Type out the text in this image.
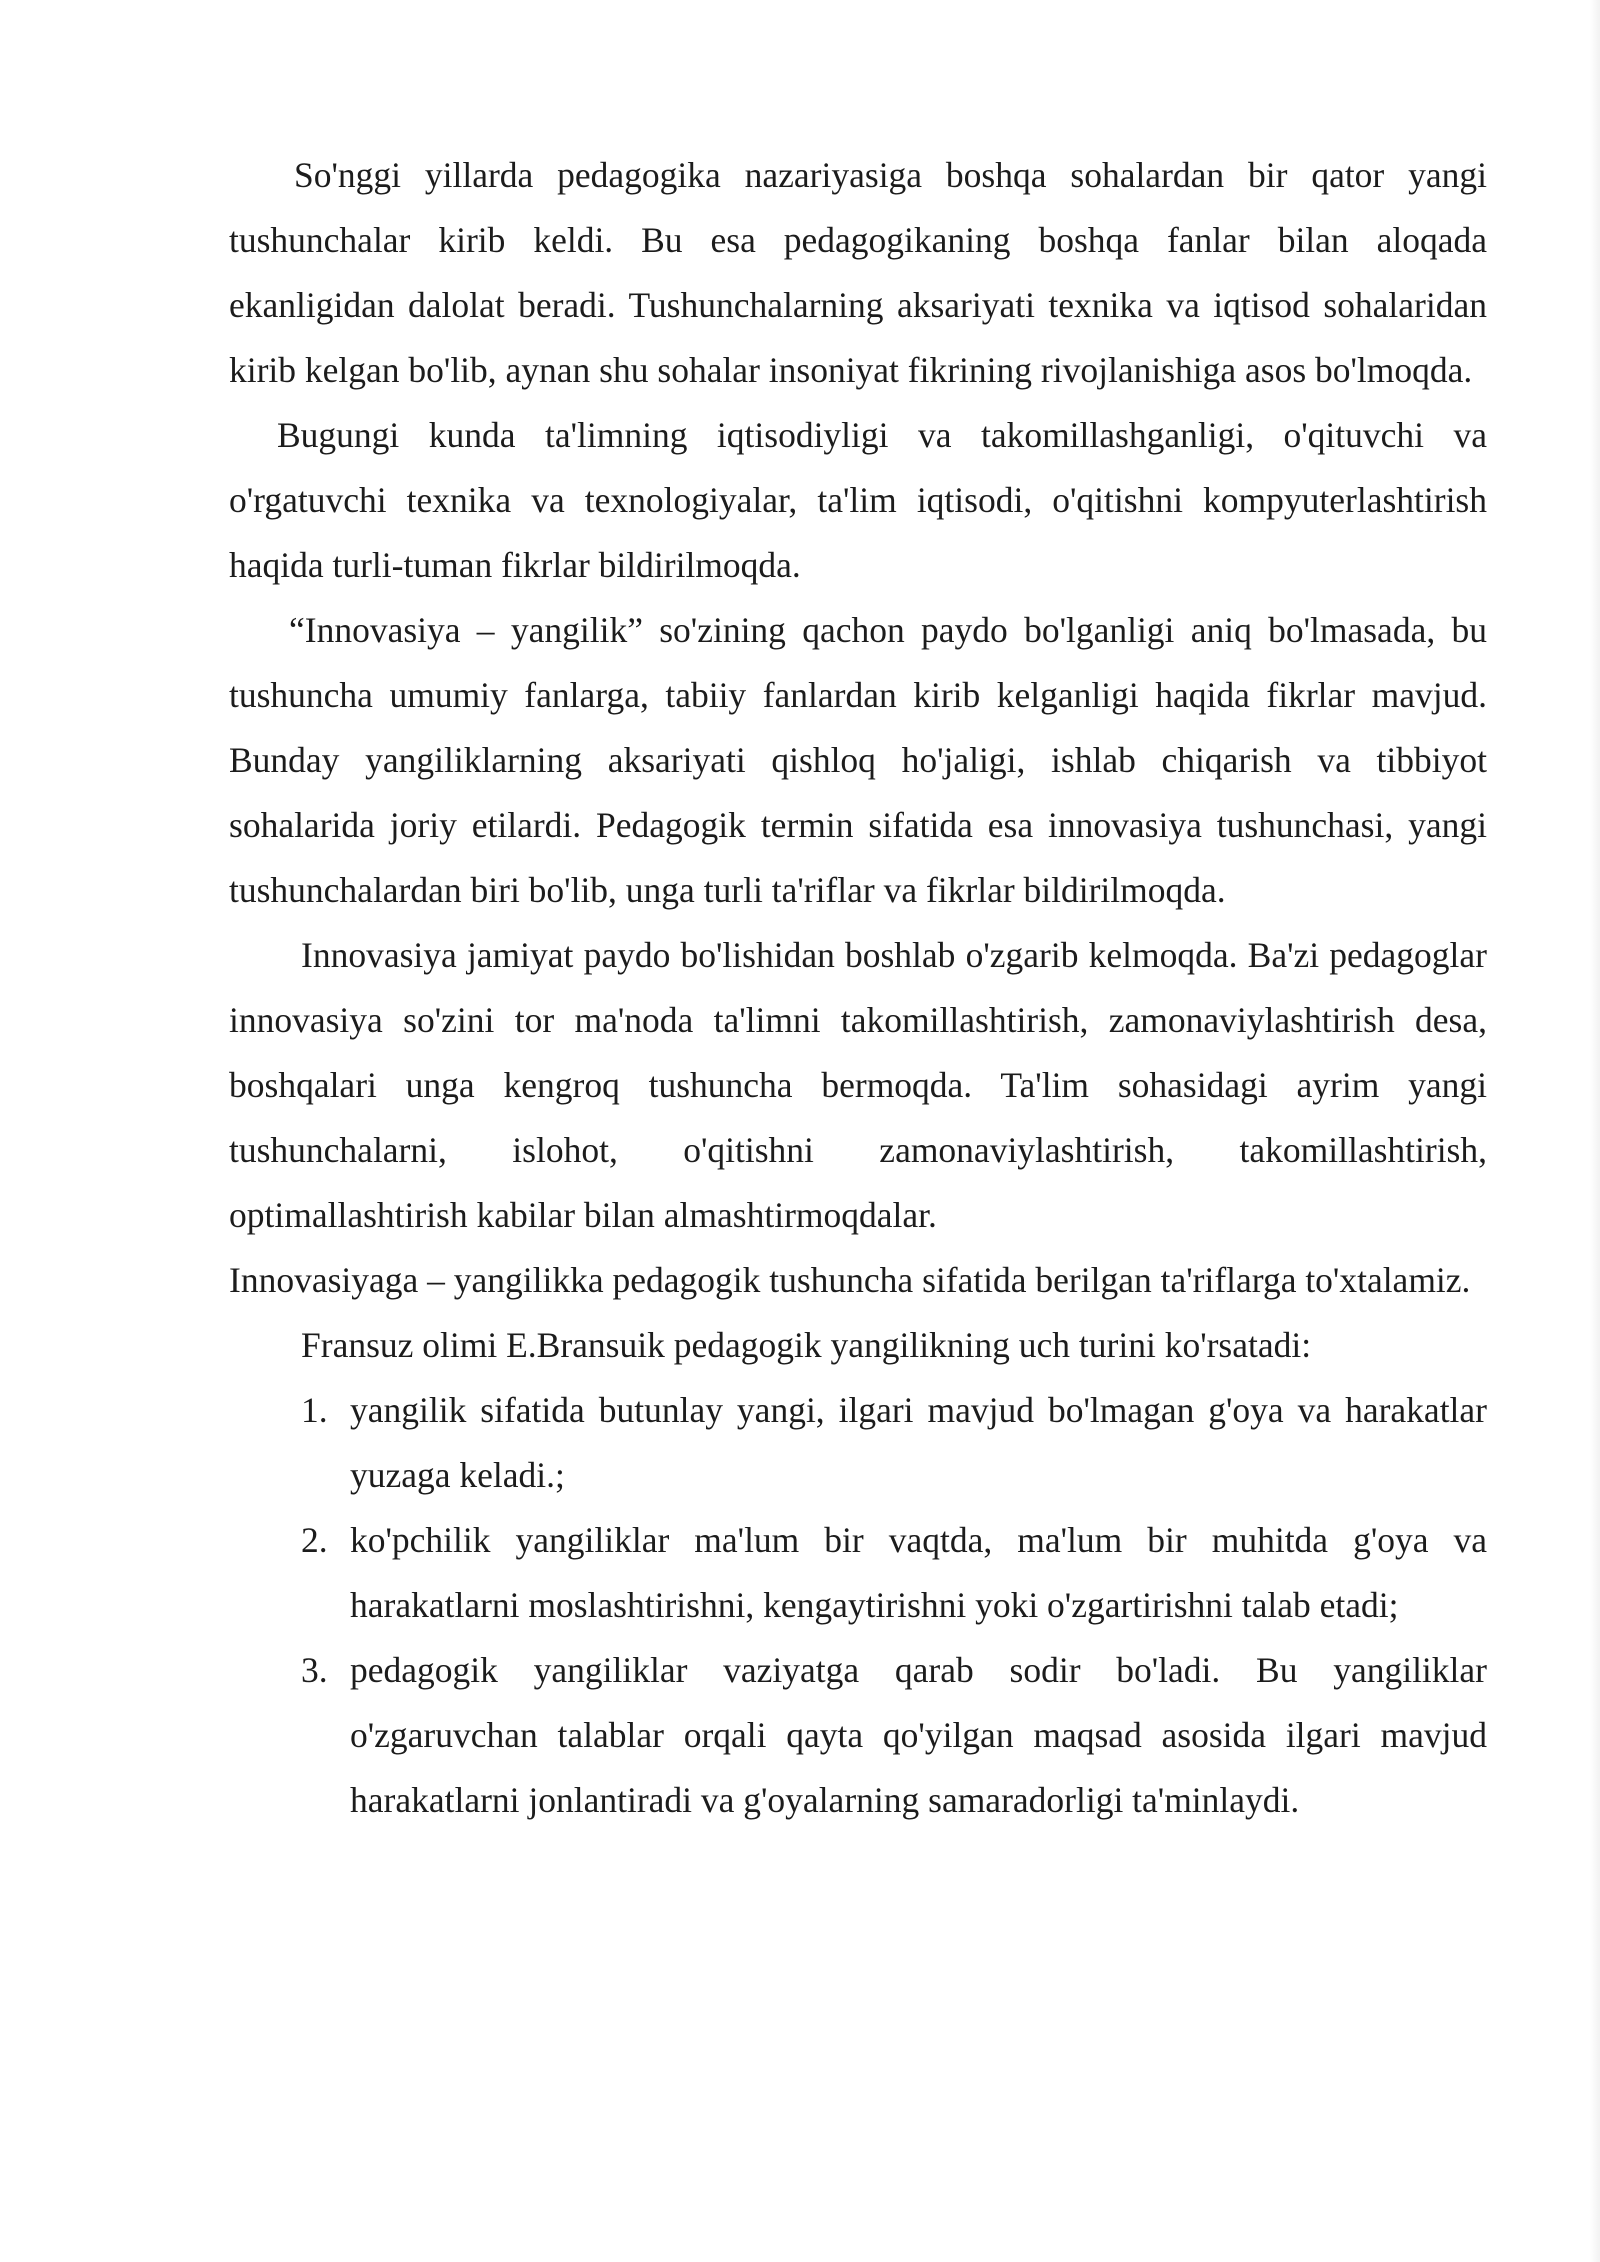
So'nggi yillarda pedagogika nazariyasiga boshqa sohalardan bir qator yangi tushunchalar kirib keldi. Bu esa pedagogikaning boshqa fanlar bilan aloqada ekanligidan dalolat beradi. Tushunchalarning aksariyati texnika va iqtisod sohalaridan kirib kelgan bo'lib, aynan shu sohalar insoniyat fikrining rivojlanishiga asos bo'lmoqda.

Bugungi kunda ta'limning iqtisodiyligi va takomillashganligi, o'qituvchi va o'rgatuvchi texnika va texnologiyalar, ta'lim iqtisodi, o'qitishni kompyuterlashtirish haqida turli-tuman fikrlar bildirilmoqda.

“Innovasiya – yangilik” so'zining qachon paydo bo'lganligi aniq bo'lmasada, bu tushuncha umumiy fanlarga, tabiiy fanlardan kirib kelganligi haqida fikrlar mavjud. Bunday yangiliklarning aksariyati qishloq ho'jaligi, ishlab chiqarish va tibbiyot sohalarida joriy etilardi. Pedagogik termin sifatida esa innovasiya tushunchasi, yangi tushunchalardan biri bo'lib, unga turli ta'riflar va fikrlar bildirilmoqda.

Innovasiya jamiyat paydo bo'lishidan boshlab o'zgarib kelmoqda. Ba'zi pedagoglar innovasiya so'zini tor ma'noda ta'limni takomillashtirish, zamonaviylashtirish desa, boshqalari unga kengroq tushuncha bermoqda. Ta'lim sohasidagi ayrim yangi tushunchalarni, islohot, o'qitishni zamonaviylashtirish, takomillashtirish, optimallashtirish kabilar bilan almashtirmoqdalar.

Innovasiyaga – yangilikka pedagogik tushuncha sifatida berilgan ta'riflarga to'xtalamiz.

Fransuz olimi E.Bransuik pedagogik yangilikning uch turini ko'rsatadi:

1. yangilik sifatida butunlay yangi, ilgari mavjud bo'lmagan g'oya va harakatlar yuzaga keladi.;
2. ko'pchilik yangiliklar ma'lum bir vaqtda, ma'lum bir muhitda g'oya va harakatlarni moslashtirishni, kengaytirishni yoki o'zgartirishni talab etadi;
3. pedagogik yangiliklar vaziyatga qarab sodir bo'ladi. Bu yangiliklar o'zgaruvchan talablar orqali qayta qo'yilgan maqsad asosida ilgari mavjud harakatlarni jonlantiradi va g'oyalarning samaradorligi ta'minlaydi.
